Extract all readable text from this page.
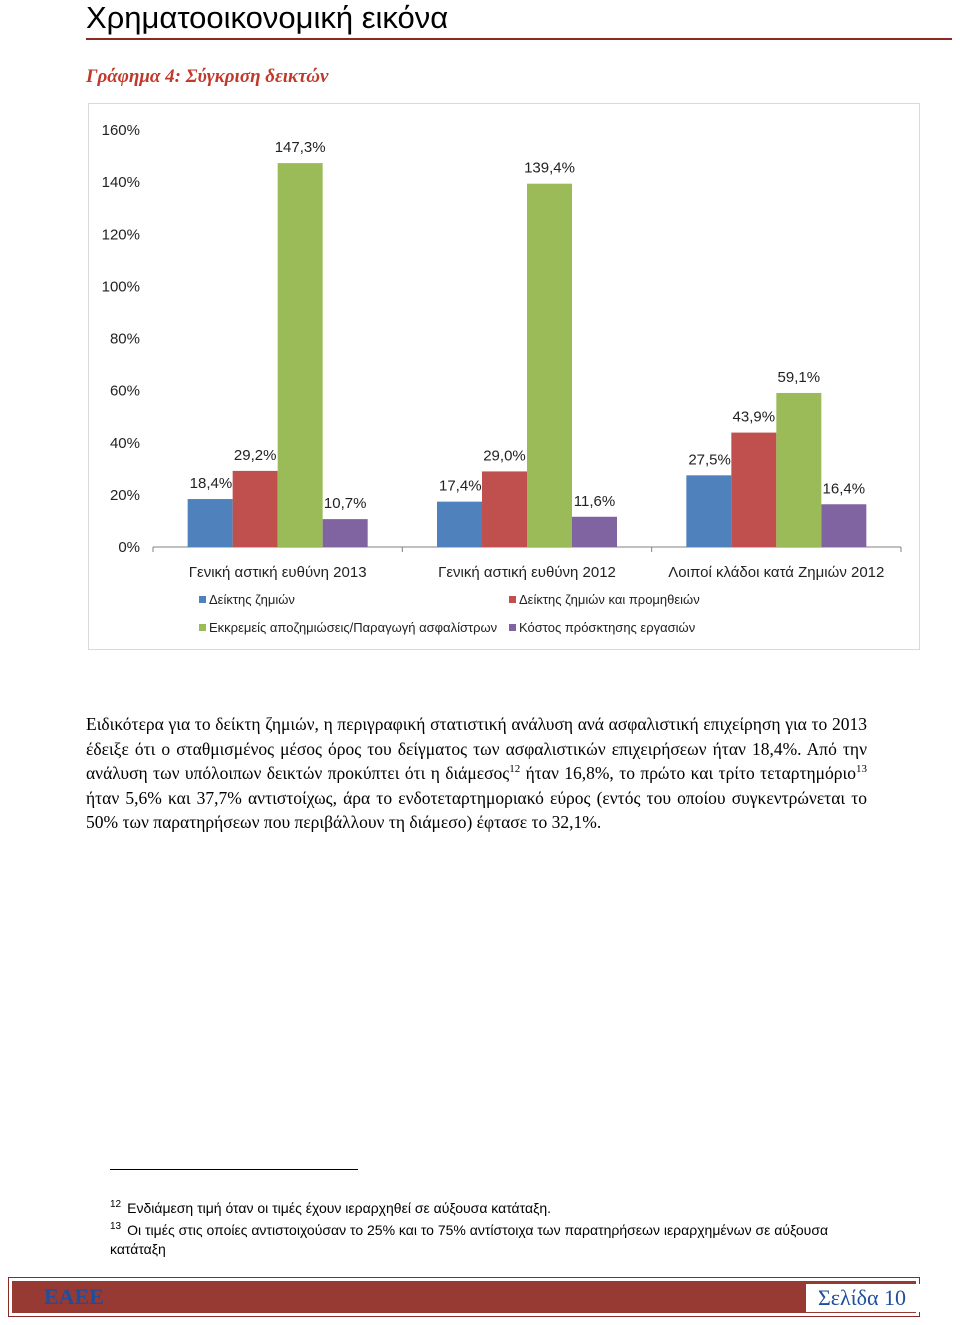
Χρηματοοικονομική εικόνα
Γράφημα 4: Σύγκριση δεικτών
0%
20%
40%
60%
80%
100%
120%
140%
160%
18,4%
29,2%
147,3%
10,7%
Γενική αστική ευθύνη 2013
17,4%
29,0%
139,4%
11,6%
Γενική αστική ευθύνη 2012
27,5%
43,9%
59,1%
16,4%
Λοιποί κλάδοι κατά Ζημιών 2012
Δείκτης ζημιών	Δείκτης ζημιών και προμηθειών
Εκκρεμείς αποζημιώσεις/Παραγωγή ασφαλίστρων Κόστος πρόσκτησης εργασιών

Ειδικότερα για το δείκτη ζημιών, η περιγραφική στατιστική ανάλυση ανά ασφαλιστική επιχείρηση για το 2013 έδειξε ότι ο σταθμισμένος μέσος όρος του δείγματος των ασφαλιστικών επιχειρήσεων ήταν 18,4%. Από την ανάλυση των υπόλοιπων δεικτών προκύπτει ότι η διάμεσος$^{12}$ ήταν 16,8%, το πρώτο και τρίτο τεταρτημόριο$^{13}$ ήταν 5,6% και 37,7% αντιστοίχως, άρα το ενδοτεταρτημοριακό εύρος (εντός του οποίου συγκεντρώνεται το 50% των παρατηρήσεων που περιβάλλουν τη διάμεσο) έφτασε το 32,1%.

$^{12}$ Ενδιάμεση τιμή όταν οι τιμές έχουν ιεραρχηθεί σε αύξουσα κατάταξη.
$^{13}$ Οι τιμές στις οποίες αντιστοιχούσαν το 25% και το 75% αντίστοιχα των παρατηρήσεων ιεραρχημένων σε αύξουσα κατάταξη
ΕΑΕΕ	Σελίδα 10
